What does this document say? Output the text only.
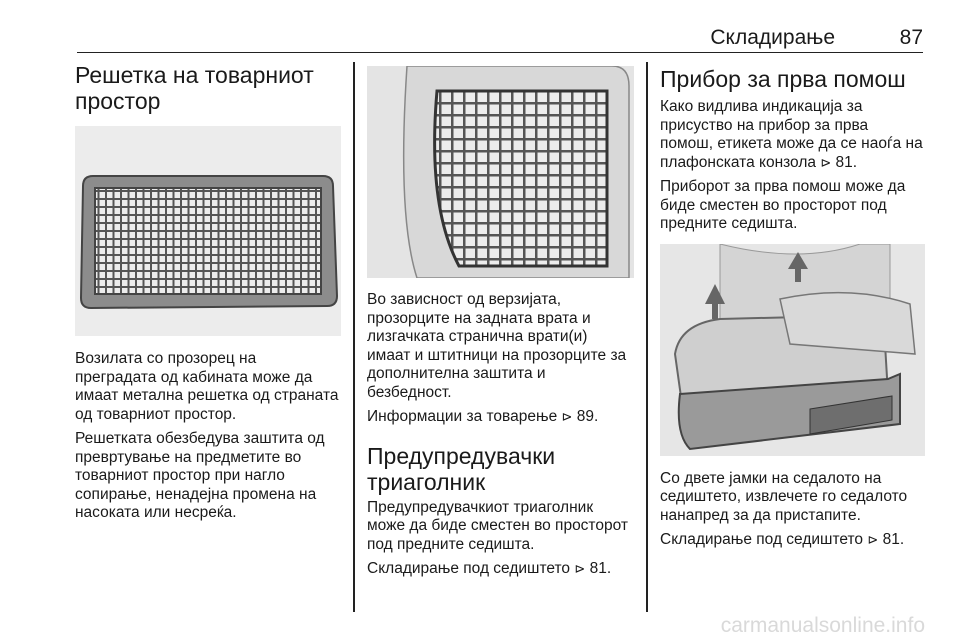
Складирање	87
Решетка на товарниот простор

Возилата со прозорец на преградата од кабината може да имаат метална решетка од страната од товарниот простор.

Решетката обезбедува заштита од превртување на предметите во товарниот простор при нагло сопирање, ненадејна промена на насоката или несреќа.

Во зависност од верзијата, прозорците на задната врата и лизгачката странична врати(и) имаат и штитници на прозорците за дополнителна заштита и безбедност.

Информации за товарење ⊳ 89.

Предупредувачки триаголник

Предупредувачкиот триаголник може да биде сместен во просторот под предните седишта.

Складирање под седиштето ⊳ 81.

Прибор за прва помош

Како видлива индикација за присуство на прибор за прва помош, етикета може да се наоѓа на плафонската конзола ⊳ 81.

Приборот за прва помош може да биде сместен во просторот под предните седишта.

Со двете јамки на седалото на седиштето, извлечете го седалото нанапред за да пристапите.

Складирање под седиштето ⊳ 81.

carmanualsonline.info
